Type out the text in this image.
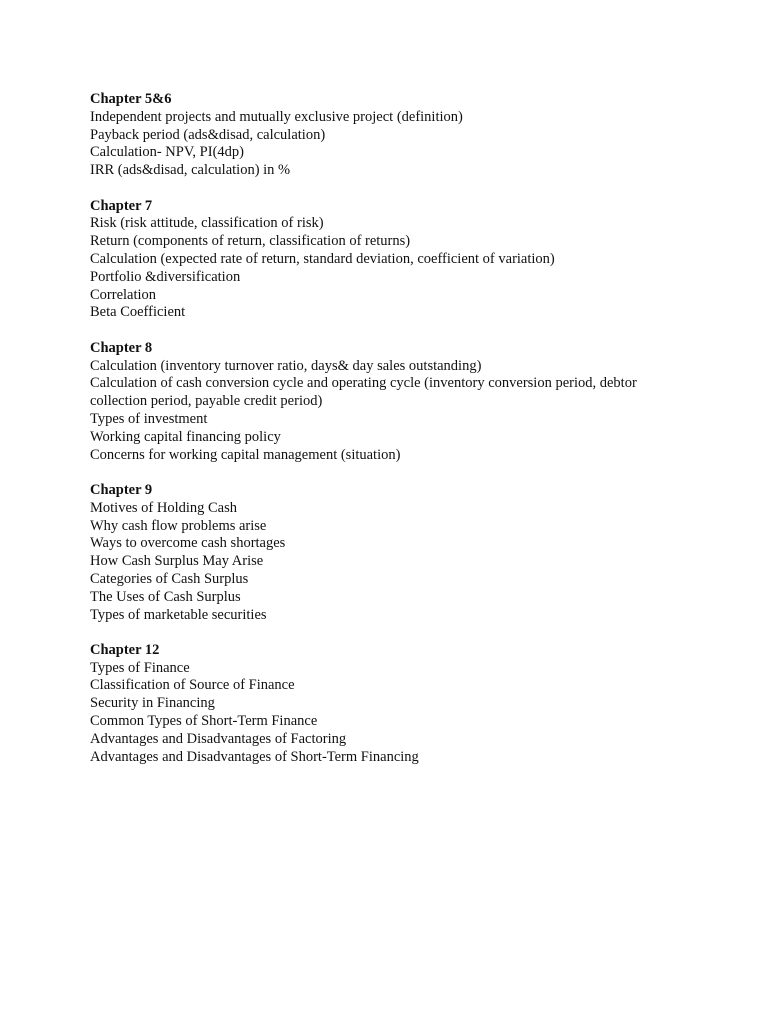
Chapter 5&6
Independent projects and mutually exclusive project (definition)
Payback period (ads&disad, calculation)
Calculation- NPV, PI(4dp)
IRR (ads&disad, calculation) in %
Chapter 7
Risk (risk attitude, classification of risk)
Return (components of return, classification of returns)
Calculation (expected rate of return, standard deviation, coefficient of variation)
Portfolio &diversification
Correlation
Beta Coefficient
Chapter 8
Calculation (inventory turnover ratio, days& day sales outstanding)
Calculation of cash conversion cycle and operating cycle (inventory conversion period, debtor collection period, payable credit period)
Types of investment
Working capital financing policy
Concerns for working capital management (situation)
Chapter 9
Motives of Holding Cash
Why cash flow problems arise
Ways to overcome cash shortages
How Cash Surplus May Arise
Categories of Cash Surplus
The Uses of Cash Surplus
Types of marketable securities
Chapter 12
Types of Finance
Classification of Source of Finance
Security in Financing
Common Types of Short-Term Finance
Advantages and Disadvantages of Factoring
Advantages and Disadvantages of Short-Term Financing
